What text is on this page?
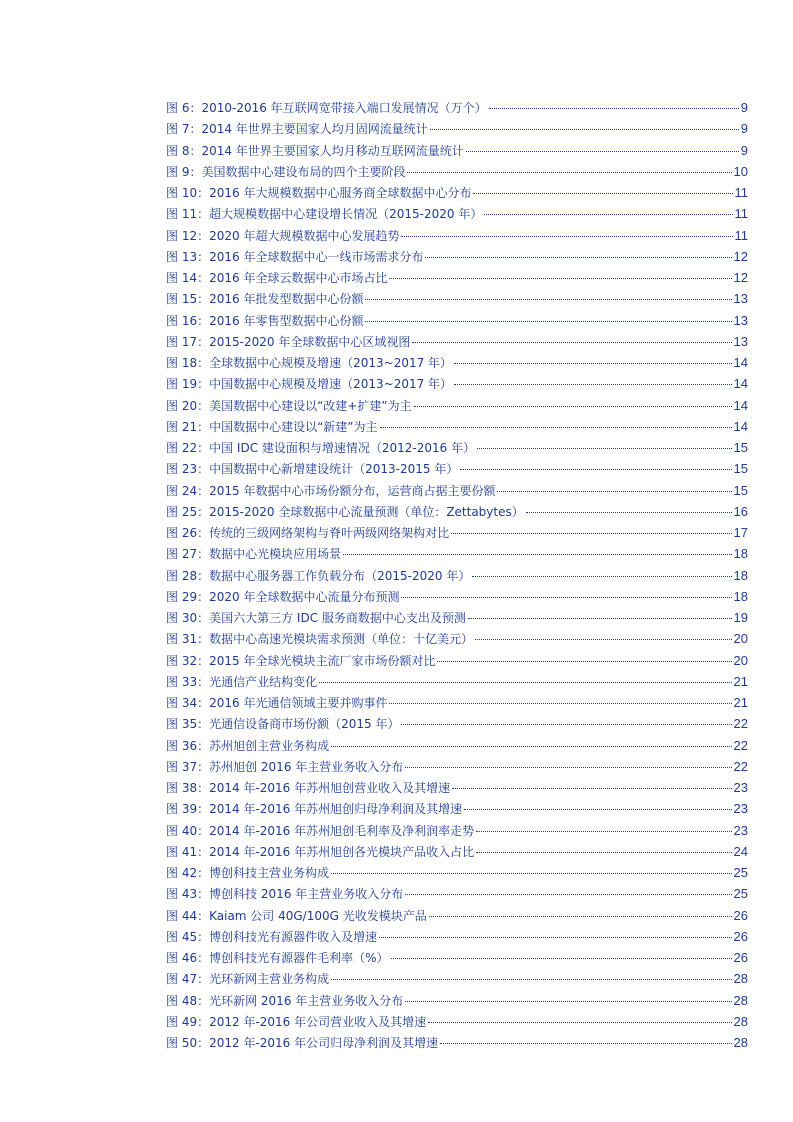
图 6： 2010-2016 年互联网宽带接入端口发展情况（万个）	9
图 7： 2014 年世界主要国家人均月固网流量统计	9
图 8： 2014 年世界主要国家人均月移动互联网流量统计	9
图 9： 美国数据中心建设布局的四个主要阶段	10
图 10： 2016 年大规模数据中心服务商全球数据中心分布	11
图 11： 超大规模数据中心建设增长情况（2015-2020 年）	11
图 12： 2020 年超大规模数据中心发展趋势	11
图 13： 2016 年全球数据中心一线市场需求分布	12
图 14： 2016 年全球云数据中心市场占比	12
图 15： 2016 年批发型数据中心份额	13
图 16： 2016 年零售型数据中心份额	13
图 17： 2015-2020 年全球数据中心区域视图	13
图 18： 全球数据中心规模及增速（2013~2017 年）	14
图 19： 中国数据中心规模及增速（2013~2017 年）	14
图 20： 美国数据中心建设以“改建+扩建”为主	14
图 21： 中国数据中心建设以“新建”为主	14
图 22： 中国 IDC 建设面积与增速情况（2012-2016 年）	15
图 23： 中国数据中心新增建设统计（2013-2015 年）	15
图 24： 2015 年数据中心市场份额分布，运营商占据主要份额	15
图 25： 2015-2020 全球数据中心流量预测（单位：Zettabytes）	16
图 26： 传统的三级网络架构与脊叶两级网络架构对比	17
图 27： 数据中心光模块应用场景	18
图 28： 数据中心服务器工作负载分布（2015-2020 年）	18
图 29： 2020 年全球数据中心流量分布预测	18
图 30： 美国六大第三方 IDC 服务商数据中心支出及预测	19
图 31： 数据中心高速光模块需求预测（单位：十亿美元）	20
图 32： 2015 年全球光模块主流厂家市场份额对比	20
图 33： 光通信产业结构变化	21
图 34： 2016 年光通信领域主要并购事件	21
图 35： 光通信设备商市场份额（2015 年）	22
图 36： 苏州旭创主营业务构成	22
图 37： 苏州旭创 2016 年主营业务收入分布	22
图 38： 2014 年-2016 年苏州旭创营业收入及其增速	23
图 39： 2014 年-2016 年苏州旭创归母净利润及其增速	23
图 40： 2014 年-2016 年苏州旭创毛利率及净利润率走势	23
图 41： 2014 年-2016 年苏州旭创各光模块产品收入占比	24
图 42： 博创科技主营业务构成	25
图 43： 博创科技 2016 年主营业务收入分布	25
图 44： Kaiam 公司 40G/100G 光收发模块产品	26
图 45： 博创科技光有源器件收入及增速	26
图 46： 博创科技光有源器件毛利率（%）	26
图 47： 光环新网主营业务构成	28
图 48： 光环新网 2016 年主营业务收入分布	28
图 49： 2012 年-2016 年公司营业收入及其增速	28
图 50： 2012 年-2016 年公司归母净利润及其增速	28
